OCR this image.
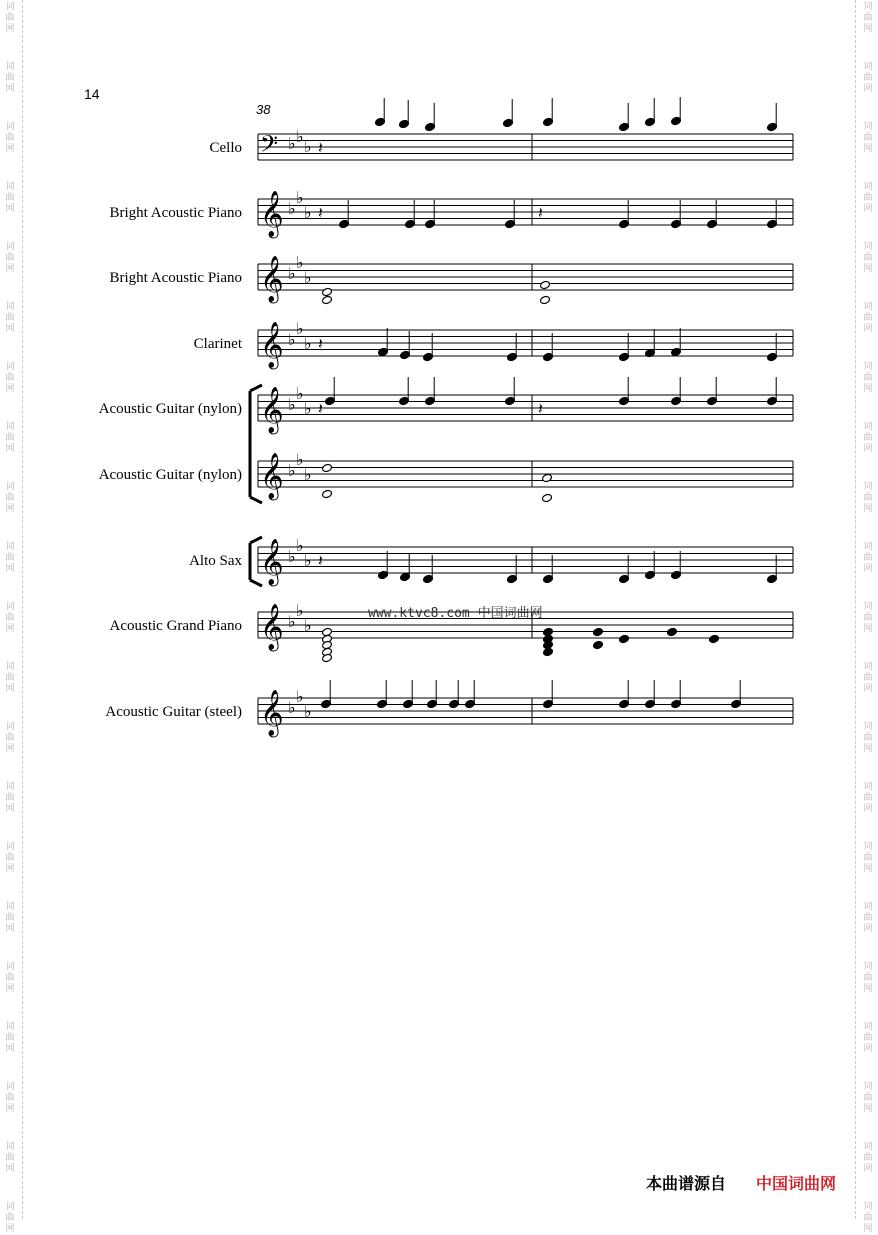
词
曲
网
词
曲
网
词
曲
网
词
曲
网
词
曲
网
词
曲
网
词
曲
网
词
曲
网
词
曲
网
词
曲
网
词
曲
网
词
曲
网
词
曲
网
词
曲
网
词
曲
网
词
曲
网
词
曲
网
词
曲
网
词
曲
网
词
曲
网
词
曲
网
词
曲
网
词
曲
网
词
曲
网
词
曲
网
词
曲
网
词
曲
网
词
曲
网
词
曲
网
词
曲
网
词
曲
网
词
曲
网
词
曲
网
词
曲
网
词
曲
网
词
曲
网
词
曲
网
词
曲
网
词
曲
网
词
曲
网
词
曲
网
词
曲
网
14
38
Cello
Bright Acoustic Piano
Bright Acoustic Piano
Clarinet
Acoustic Guitar (nylon)
Acoustic Guitar (nylon)
Alto Sax
Acoustic Grand Piano
Acoustic Guitar (steel)
𝄢 ♭ ♭
♭
𝄞 ♭
♭
♭
𝄞 ♭
♭
♭
𝄞 ♭
♭
♭
𝄞 ♭
♭
♭
𝄞 ♭
♭
♭
𝄞 ♭
♭
♭
𝄞 ♭
♭
♭
𝄞 ♭
♭
♭
𝄽
𝄽	𝄽
𝄽
𝄽	𝄽
𝄽
www.ktvc8.com 中国词曲网
本曲谱源自 中国词曲网
